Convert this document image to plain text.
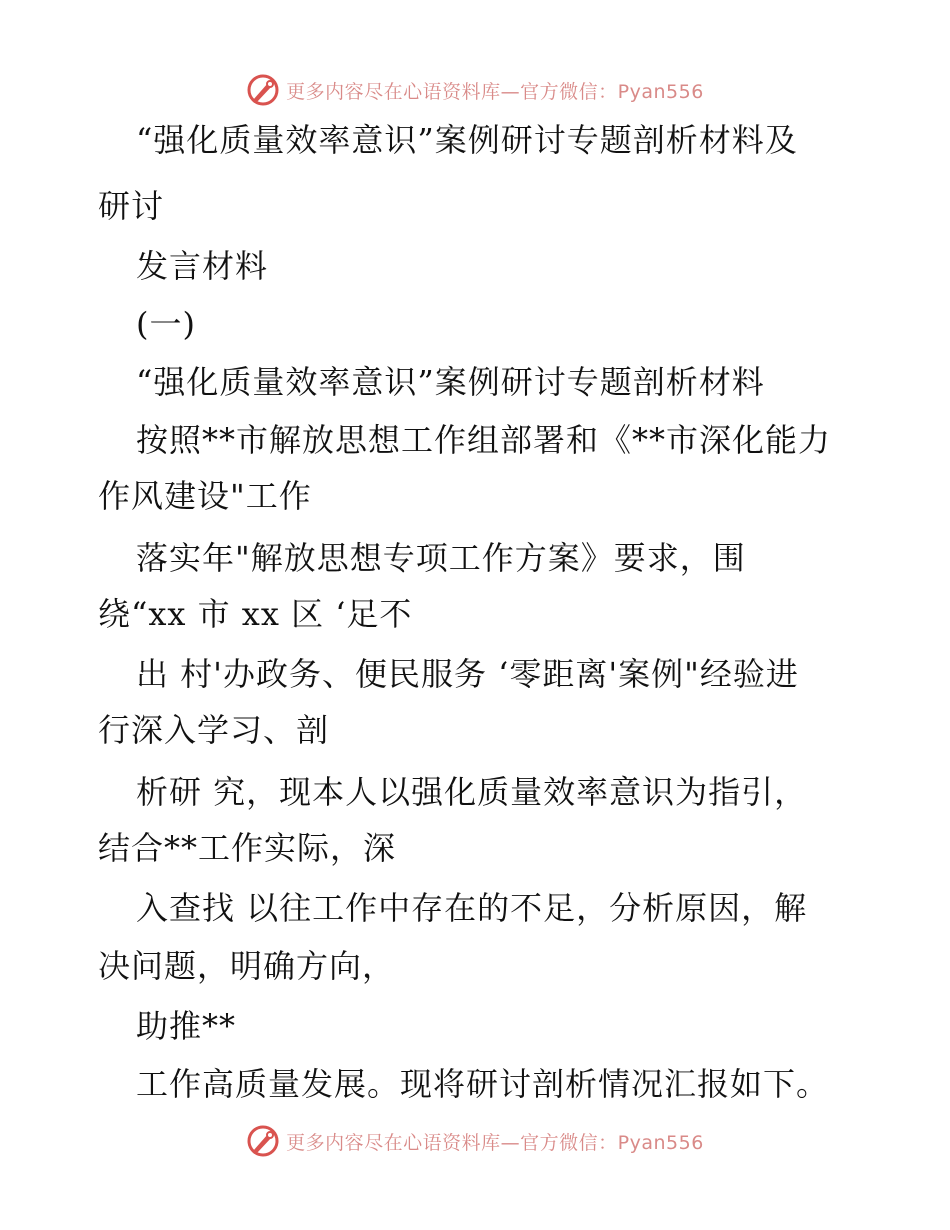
更多内容尽在心语资料库—官方微信：Pyan556
“强化质量效率意识”案例研讨专题剖析材料及
研讨
发言材料
(一)
“强化质量效率意识”案例研讨专题剖析材料
按照**市解放思想工作组部署和《**市深化能力
作风建设"工作
落实年"解放思想专项工作方案》要求，围
绕“xx 市 xx 区 ‘足不
出 村'办政务、便民服务 ‘零距离'案例"经验进
行深入学习、剖
析研 究，现本人以强化质量效率意识为指引，
结合**工作实际，深
入查找 以往工作中存在的不足，分析原因，解
决问题，明确方向，
助推**
工作高质量发展。现将研讨剖析情况汇报如下。
更多内容尽在心语资料库—官方微信：Pyan556
